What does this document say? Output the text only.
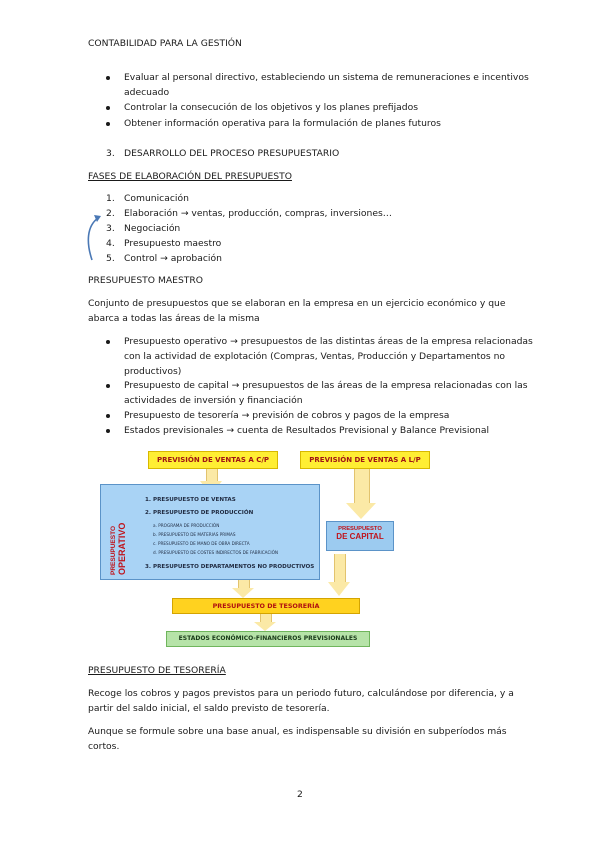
CONTABILIDAD PARA LA GESTIÓN
Evaluar al personal directivo, estableciendo un sistema de remuneraciones e incentivos
adecuado
Controlar la consecución de los objetivos y los planes prefijados
Obtener información operativa para la formulación de planes futuros
3. DESARROLLO DEL PROCESO PRESUPUESTARIO
FASES DE ELABORACIÓN DEL PRESUPUESTO
1. Comunicación
2. Elaboración → ventas, producción, compras, inversiones…
3. Negociación
4. Presupuesto maestro
5. Control → aprobación
PRESUPUESTO MAESTRO
Conjunto de presupuestos que se elaboran en la empresa en un ejercicio económico y que
abarca a todas las áreas de la misma
Presupuesto operativo → presupuestos de las distintas áreas de la empresa relacionadas
con la actividad de explotación (Compras, Ventas, Producción y Departamentos no
productivos)
Presupuesto de capital → presupuestos de las áreas de la empresa relacionadas con las
actividades de inversión y financiación
Presupuesto de tesorería → previsión de cobros y pagos de la empresa
Estados previsionales → cuenta de Resultados Previsional y Balance Previsional
PREVISIÓN DE VENTAS A C/P	PREVISIÓN DE VENTAS A L/P
PRESUPUESTO OPERATIVO
1. PRESUPUESTO DE VENTAS
2. PRESUPUESTO DE PRODUCCIÓN
a. PROGRAMA DE PRODUCCIÓN
b. PRESUPUESTO DE MATERIAS PRIMAS
c. PRESUPUESTO DE MANO DE OBRA DIRECTA
d. PRESUPUESTO DE COSTES INDIRECTOS DE FABRICACIÓN
3. PRESUPUESTO DEPARTAMENTOS NO PRODUCTIVOS
PRESUPUESTO
DE CAPITAL
PRESUPUESTO DE TESORERÍA
ESTADOS ECONÓMICO-FINANCIEROS PREVISIONALES
PRESUPUESTO DE TESORERÍA
Recoge los cobros y pagos previstos para un periodo futuro, calculándose por diferencia, y a
partir del saldo inicial, el saldo previsto de tesorería.
Aunque se formule sobre una base anual, es indispensable su división en subperíodos más
cortos.
2
